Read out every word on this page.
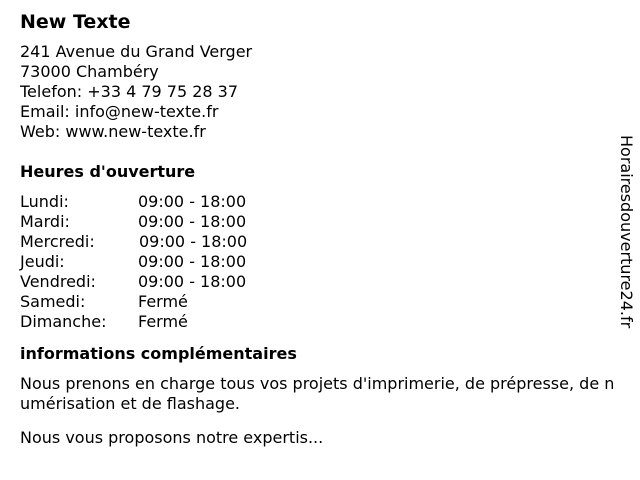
New Texte
241 Avenue du Grand Verger
73000 Chambéry
Telefon: +33 4 79 75 28 37
Email: info@new-texte.fr
Web: www.new-texte.fr
Heures d'ouverture
Lundi:	09:00 - 18:00
Mardi:	09:00 - 18:00
Mercredi:	09:00 - 18:00
Jeudi:	09:00 - 18:00
Vendredi:	09:00 - 18:00
Samedi:	Fermé
Dimanche: Fermé
informations complémentaires
Nous prenons en charge tous vos projets d'imprimerie, de prépresse, de numérisation et de flashage.
Nous vous proposons notre expertis...
Horairesdouverture24.fr
